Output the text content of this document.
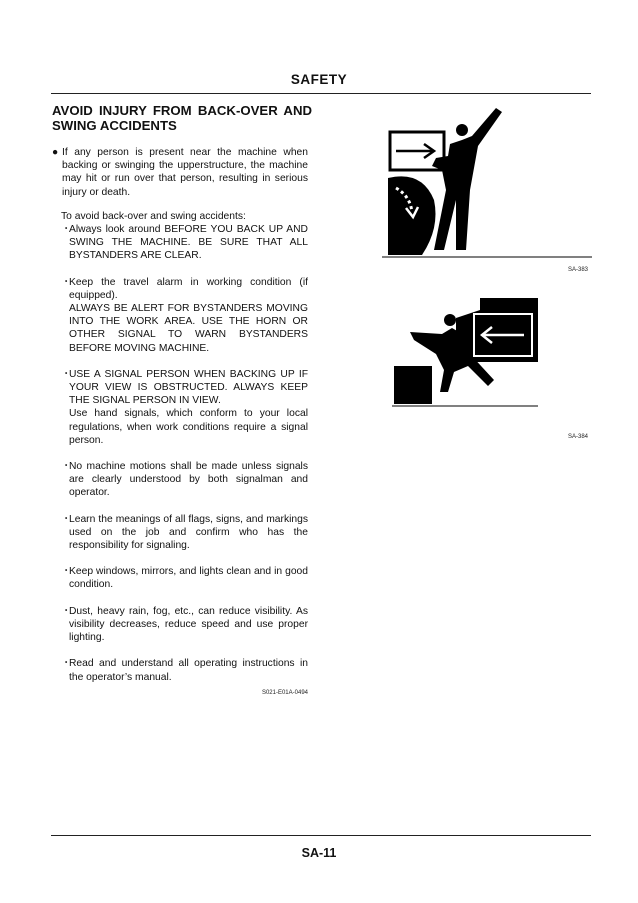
SAFETY
AVOID INJURY FROM BACK-OVER AND SWING ACCIDENTS
● If any person is present near the machine when backing or swinging the upperstructure, the machine may hit or run over that person, resulting in serious injury or death.
To avoid back-over and swing accidents:
・
Always look around BEFORE YOU BACK UP AND SWING THE MACHINE. BE SURE THAT ALL BYSTANDERS ARE CLEAR.
・
Keep the travel alarm in working condition (if equipped).
ALWAYS BE ALERT FOR BYSTANDERS MOVING INTO THE WORK AREA. USE THE HORN OR OTHER SIGNAL TO WARN BYSTANDERS BEFORE MOVING MACHINE.
・
USE A SIGNAL PERSON WHEN BACKING UP IF YOUR VIEW IS OBSTRUCTED. ALWAYS KEEP THE SIGNAL PERSON IN VIEW.
Use hand signals, which conform to your local regulations, when work conditions require a signal person.
・
No machine motions shall be made unless signals are clearly understood by both signalman and operator.
・
Learn the meanings of all flags, signs, and markings used on the job and confirm who has the responsibility for signaling.
・
Keep windows, mirrors, and lights clean and in good condition.
・
Dust, heavy rain, fog, etc., can reduce visibility. As visibility decreases, reduce speed and use proper lighting.
・
Read and understand all operating instructions in the operator’s manual.
S021-E01A-0494
SA-383
SA-384
SA-11
